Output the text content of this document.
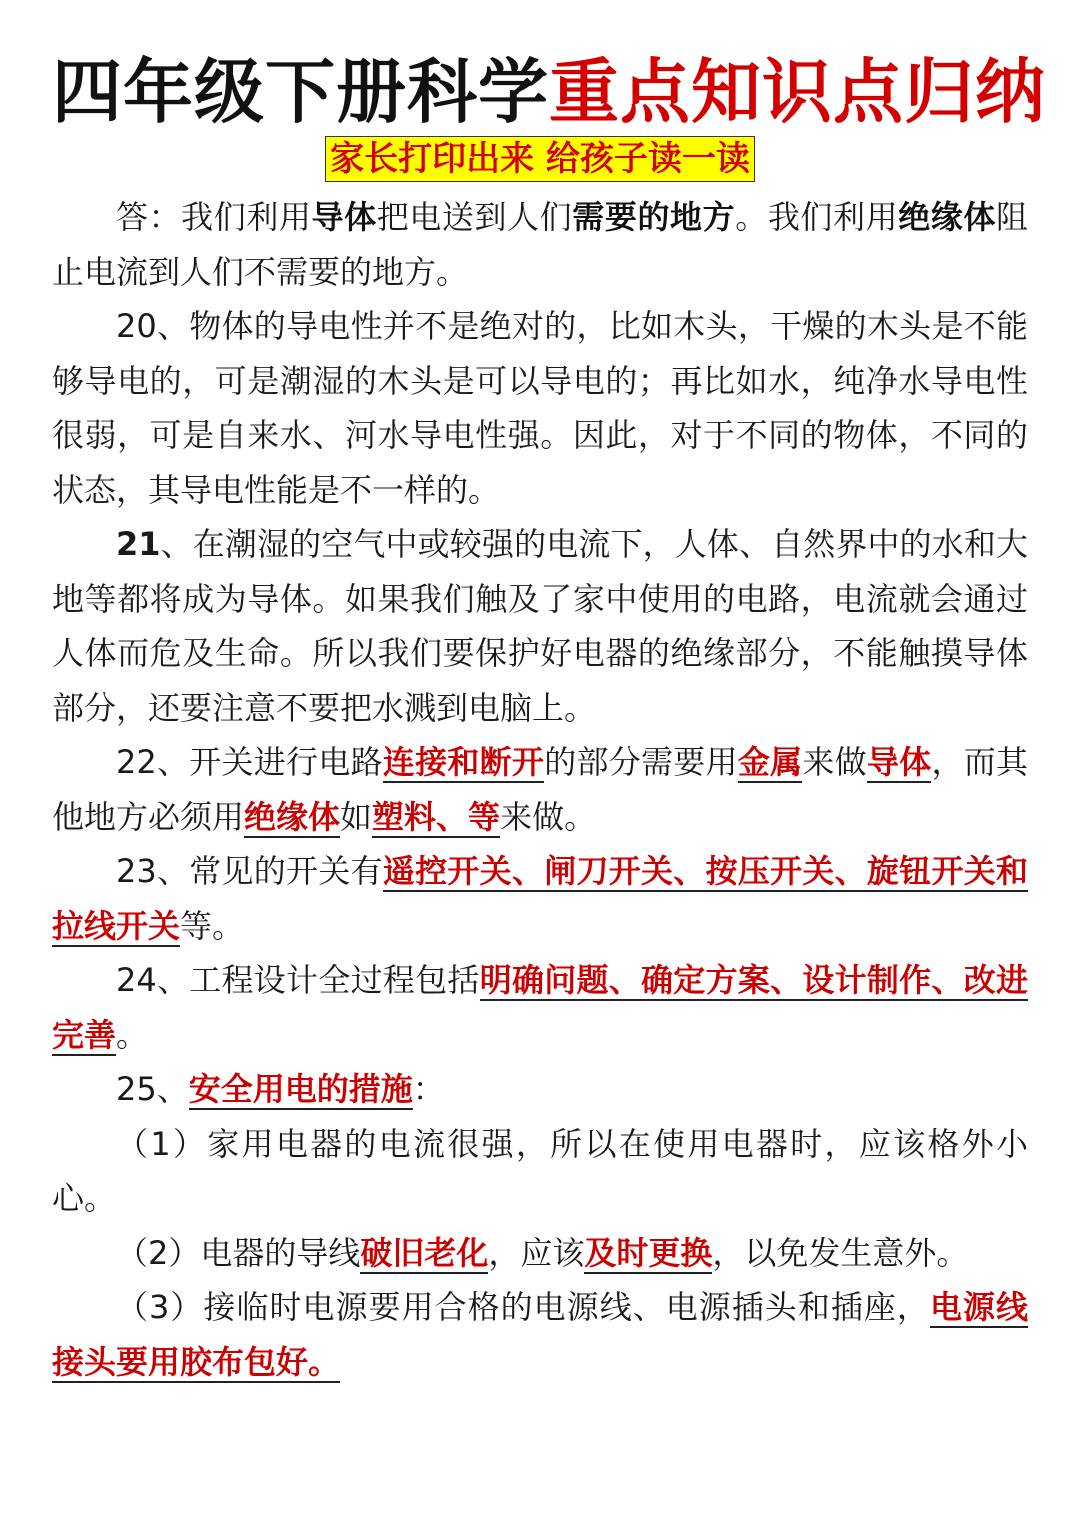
四年级下册科学重点知识点归纳
家长打印出来 给孩子读一读

答：我们利用导体把电送到人们需要的地方。我们利用绝缘体阻止电流到人们不需要的地方。

20、物体的导电性并不是绝对的，比如木头，干燥的木头是不能够导电的，可是潮湿的木头是可以导电的；再比如水，纯净水导电性很弱，可是自来水、河水导电性强。因此，对于不同的物体，不同的状态，其导电性能是不一样的。

21、在潮湿的空气中或较强的电流下，人体、自然界中的水和大地等都将成为导体。如果我们触及了家中使用的电路，电流就会通过人体而危及生命。所以我们要保护好电器的绝缘部分，不能触摸导体部分，还要注意不要把水溅到电脑上。

22、开关进行电路连接和断开的部分需要用金属来做导体，而其他地方必须用绝缘体如塑料、等来做。

23、常见的开关有遥控开关、闸刀开关、按压开关、旋钮开关和拉线开关等。

24、工程设计全过程包括明确问题、确定方案、设计制作、改进完善。

25、安全用电的措施：

（1）家用电器的电流很强，所以在使用电器时，应该格外小心。

（2）电器的导线破旧老化，应该及时更换，以免发生意外。

（3）接临时电源要用合格的电源线、电源插头和插座，电源线接头要用胶布包好。
